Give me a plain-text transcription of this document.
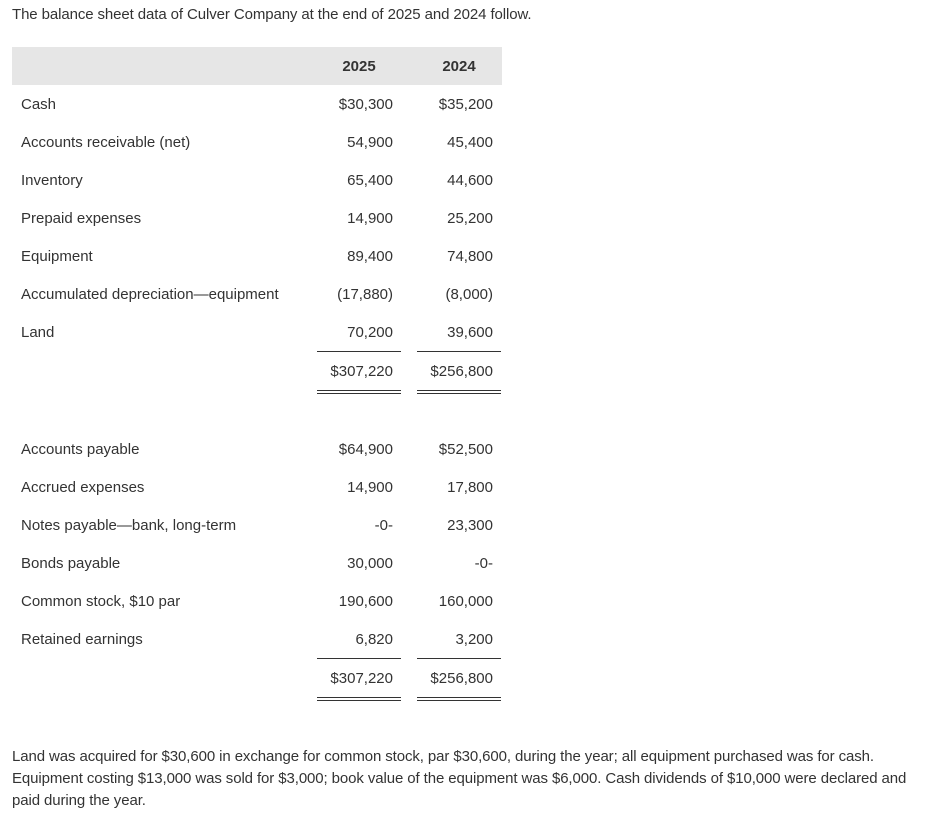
The balance sheet data of Culver Company at the end of 2025 and 2024 follow.

2025	2024
Cash	$30,300	$35,200
Accounts receivable (net)	54,900	45,400
Inventory	65,400	44,600
Prepaid expenses	14,900	25,200
Equipment	89,400	74,800
Accumulated depreciation—equipment	(17,880)	(8,000)
Land	70,200	39,600
$307,220 $256,800
Accounts payable	$64,900	$52,500
Accrued expenses	14,900	17,800
Notes payable—bank, long-term	-0-	23,300
Bonds payable	30,000	-0-
Common stock, $10 par	190,600	160,000
Retained earnings	6,820	3,200
$307,220 $256,800

Land was acquired for $30,600 in exchange for common stock, par $30,600, during the year; all equipment purchased was for cash. Equipment costing $13,000 was sold for $3,000; book value of the equipment was $6,000. Cash dividends of $10,000 were declared and paid during the year.
